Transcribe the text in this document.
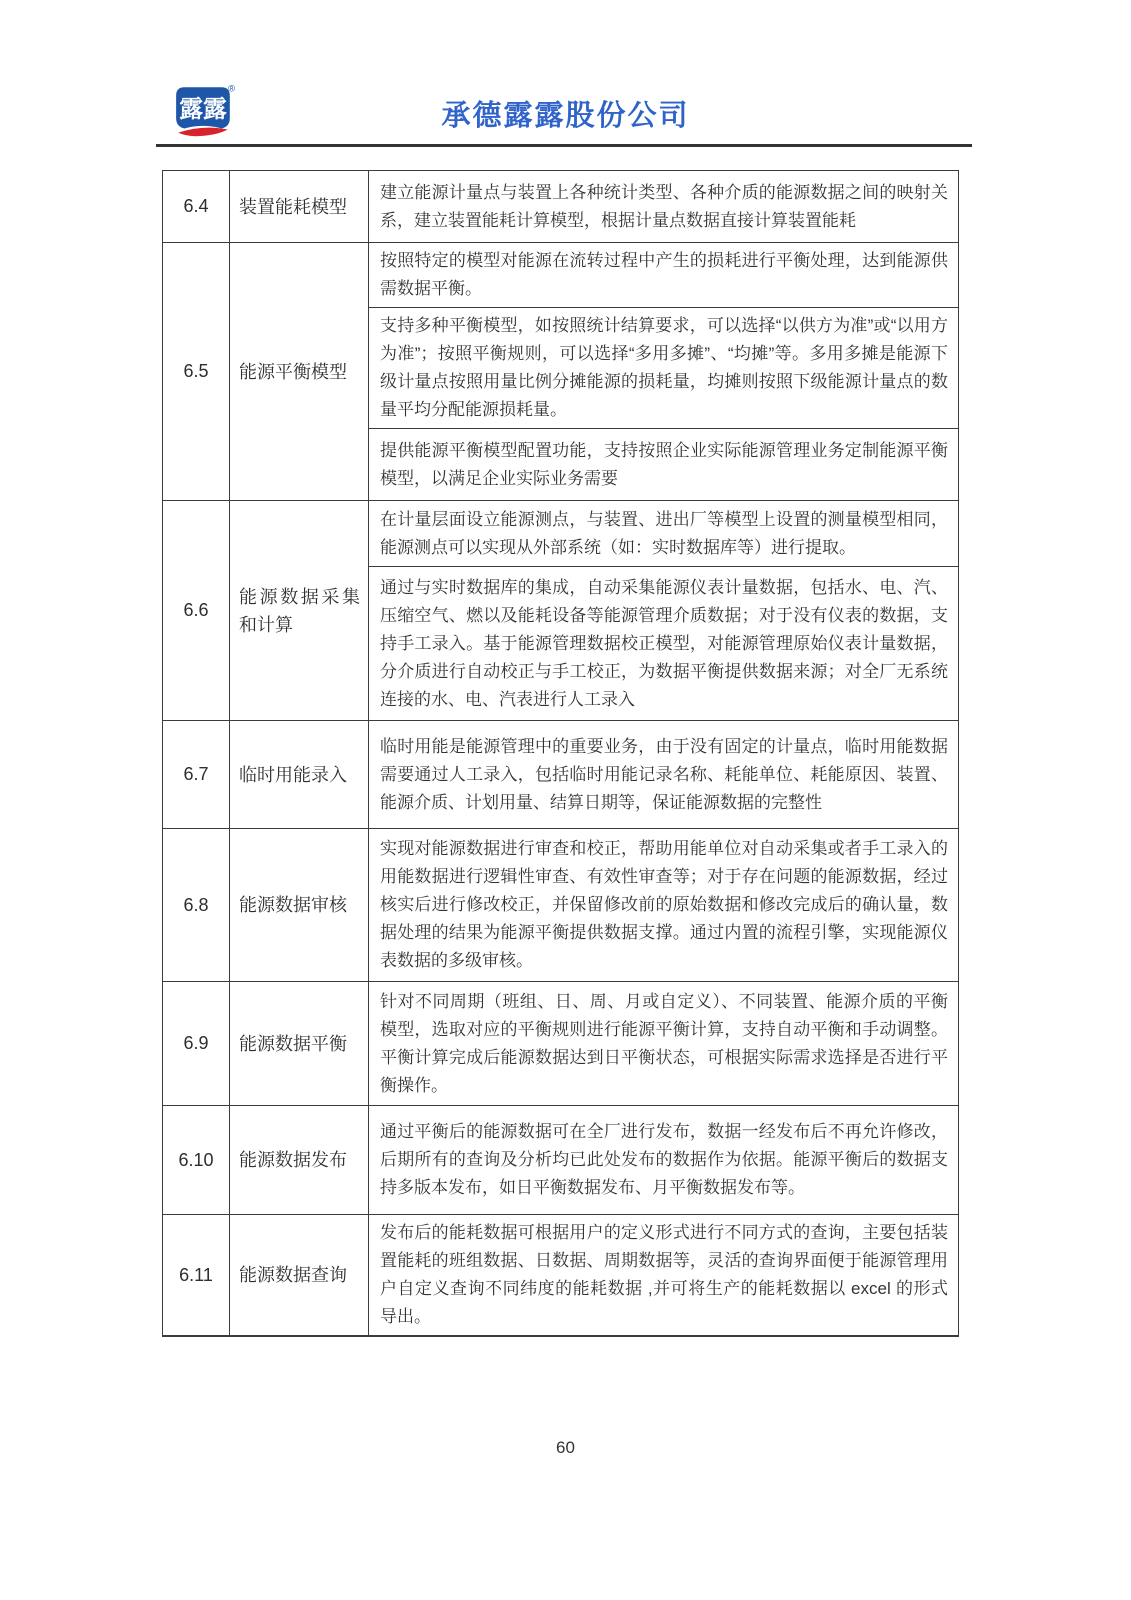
露露
®
承德露露股份公司
6.4	装置能耗模型	建立能源计量点与装置上各种统计类型、各种介质的能源数据之间的映射关系，建立装置能耗计算模型，根据计量点数据直接计算装置能耗
6.5	能源平衡模型	按照特定的模型对能源在流转过程中产生的损耗进行平衡处理，达到能源供需数据平衡。
		支持多种平衡模型，如按照统计结算要求，可以选择“以供方为准”或“以用方为准”；按照平衡规则，可以选择“多用多摊”、“均摊”等。多用多摊是能源下级计量点按照用量比例分摊能源的损耗量，均摊则按照下级能源计量点的数量平均分配能源损耗量。
		提供能源平衡模型配置功能，支持按照企业实际能源管理业务定制能源平衡模型，以满足企业实际业务需要
6.6	能源数据采集和计算	在计量层面设立能源测点，与装置、进出厂等模型上设置的测量模型相同，能源测点可以实现从外部系统（如：实时数据库等）进行提取。
		通过与实时数据库的集成，自动采集能源仪表计量数据，包括水、电、汽、压缩空气、燃以及能耗设备等能源管理介质数据；对于没有仪表的数据，支持手工录入。基于能源管理数据校正模型，对能源管理原始仪表计量数据，分介质进行自动校正与手工校正，为数据平衡提供数据来源；对全厂无系统连接的水、电、汽表进行人工录入
6.7	临时用能录入	临时用能是能源管理中的重要业务，由于没有固定的计量点，临时用能数据需要通过人工录入，包括临时用能记录名称、耗能单位、耗能原因、装置、能源介质、计划用量、结算日期等，保证能源数据的完整性
6.8	能源数据审核	实现对能源数据进行审查和校正，帮助用能单位对自动采集或者手工录入的用能数据进行逻辑性审查、有效性审查等；对于存在问题的能源数据，经过核实后进行修改校正，并保留修改前的原始数据和修改完成后的确认量，数据处理的结果为能源平衡提供数据支撑。通过内置的流程引擎，实现能源仪表数据的多级审核。
6.9	能源数据平衡	针对不同周期（班组、日、周、月或自定义）、不同装置、能源介质的平衡模型，选取对应的平衡规则进行能源平衡计算，支持自动平衡和手动调整。平衡计算完成后能源数据达到日平衡状态，可根据实际需求选择是否进行平衡操作。
6.10	能源数据发布	通过平衡后的能源数据可在全厂进行发布，数据一经发布后不再允许修改，后期所有的查询及分析均已此处发布的数据作为依据。能源平衡后的数据支持多版本发布，如日平衡数据发布、月平衡数据发布等。
6.11	能源数据查询	发布后的能耗数据可根据用户的定义形式进行不同方式的查询，主要包括装置能耗的班组数据、日数据、周期数据等，灵活的查询界面便于能源管理用户自定义查询不同纬度的能耗数据 ,并可将生产的能耗数据以 excel 的形式导出。
60
